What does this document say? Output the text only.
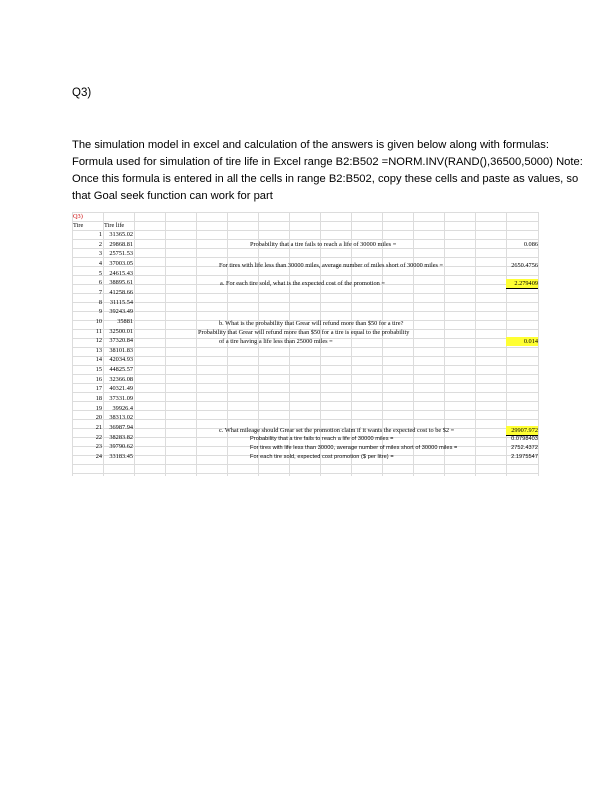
Q3)
The simulation model in excel and calculation of the answers is given below along with formulas:
Formula used for simulation of tire life in Excel range B2:B502 =NORM.INV(RAND(),36500,5000) Note:
Once this formula is entered in all the cells in range B2:B502, copy these cells and paste as values, so
that Goal seek function can work for part
Q3)
Tire	Tire life
1	31365.02
2	29868.81
3	25751.53
4	37003.05
5	24615.43
6	38895.61
7	41258.66
8	31115.54
9	39243.49
10	35881
11	32500.01
12	37320.84
13	38101.83
14	42034.93
15	44825.57
16	32366.08
17	40321.49
18	37331.09
19	39926.4
20	38313.02
21	36987.94
22	38283.82
23	39790.62
24	33183.45
Probability that a tire fails to reach a life of 30000 miles =	0.086
For tires with life less than 30000 miles, average number of miles short of 30000 miles =	2650.4756
a. For each tire sold, what is the expected cost of the promotion =	2.279409
b. What is the probability that Grear will refund more than $50 for a tire?
Probability that Grear will refund more than $50 for a tire is equal to the probability
of a tire having a life less than 25000 miles =	0.014
c. What mileage should Grear set the promotion claim if it wants the expected cost to be $2 =	29907.972
Probability that a tire fails to reach a life of 30000 miles =	0.0798403
For tires with life less than 30000, average number of miles short of 30000 miles =	2752.4372
For each tire sold, expected cost promotion ($ per litre) =	2.1975547
